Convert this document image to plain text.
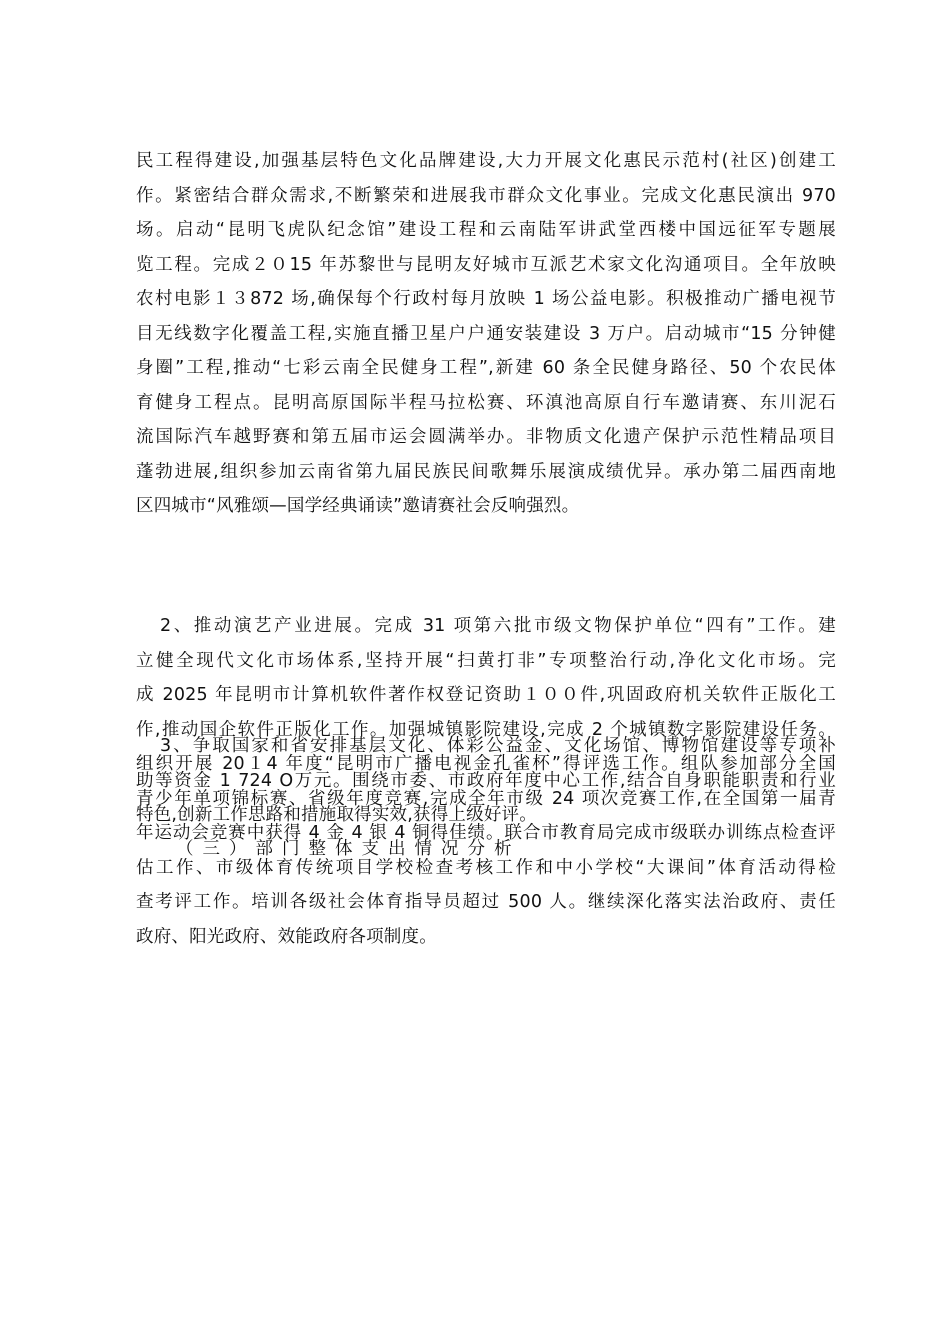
民工程得建设,加强基层特色文化品牌建设,大力开展文化惠民示范村(社区)创建工
作。紧密结合群众需求,不断繁荣和进展我市群众文化事业。完成文化惠民演出 970
场。启动“昆明飞虎队纪念馆”建设工程和云南陆军讲武堂西楼中国远征军专题展
览工程。完成２０15 年苏黎世与昆明友好城市互派艺术家文化沟通项目。全年放映
农村电影１３872 场,确保每个行政村每月放映 1 场公益电影。积极推动广播电视节
目无线数字化覆盖工程,实施直播卫星户户通安装建设 3 万户。启动城市“15 分钟健
身圈”工程,推动“七彩云南全民健身工程”,新建 60 条全民健身路径、50 个农民体
育健身工程点。昆明高原国际半程马拉松赛、环滇池高原自行车邀请赛、东川泥石
流国际汽车越野赛和第五届市运会圆满举办。非物质文化遗产保护示范性精品项目
蓬勃进展,组织参加云南省第九届民族民间歌舞乐展演成绩优异。承办第二届西南地
区四城市“风雅颂—国学经典诵读”邀请赛社会反响强烈。
2、推动演艺产业进展。完成 31 项第六批市级文物保护单位“四有”工作。建
立健全现代文化市场体系,坚持开展“扫黄打非”专项整治行动,净化文化市场。完
成 2025 年昆明市计算机软件著作权登记资助１００件,巩固政府机关软件正版化工
作,推动国企软件正版化工作。加强城镇影院建设,完成 2 个城镇数字影院建设任务。
组织开展 20１4 年度“昆明市广播电视金孔雀杯”得评选工作。组队参加部分全国
青少年单项锦标赛、省级年度竞赛,完成全年市级 24 项次竞赛工作,在全国第一届青
年运动会竞赛中获得 4 金 4 银 4 铜得佳绩。联合市教育局完成市级联办训练点检查评
估工作、市级体育传统项目学校检查考核工作和中小学校“大课间”体育活动得检
查考评工作。培训各级社会体育指导员超过 500 人。继续深化落实法治政府、责任
政府、阳光政府、效能政府各项制度。
3、争取国家和省安排基层文化、体彩公益金、文化场馆、博物馆建设等专项补
助等资金 1 724 O万元。围绕市委、市政府年度中心工作,结合自身职能职责和行业
特色,创新工作思路和措施取得实效,获得上级好评。

（三）部门整体支出情况分析
